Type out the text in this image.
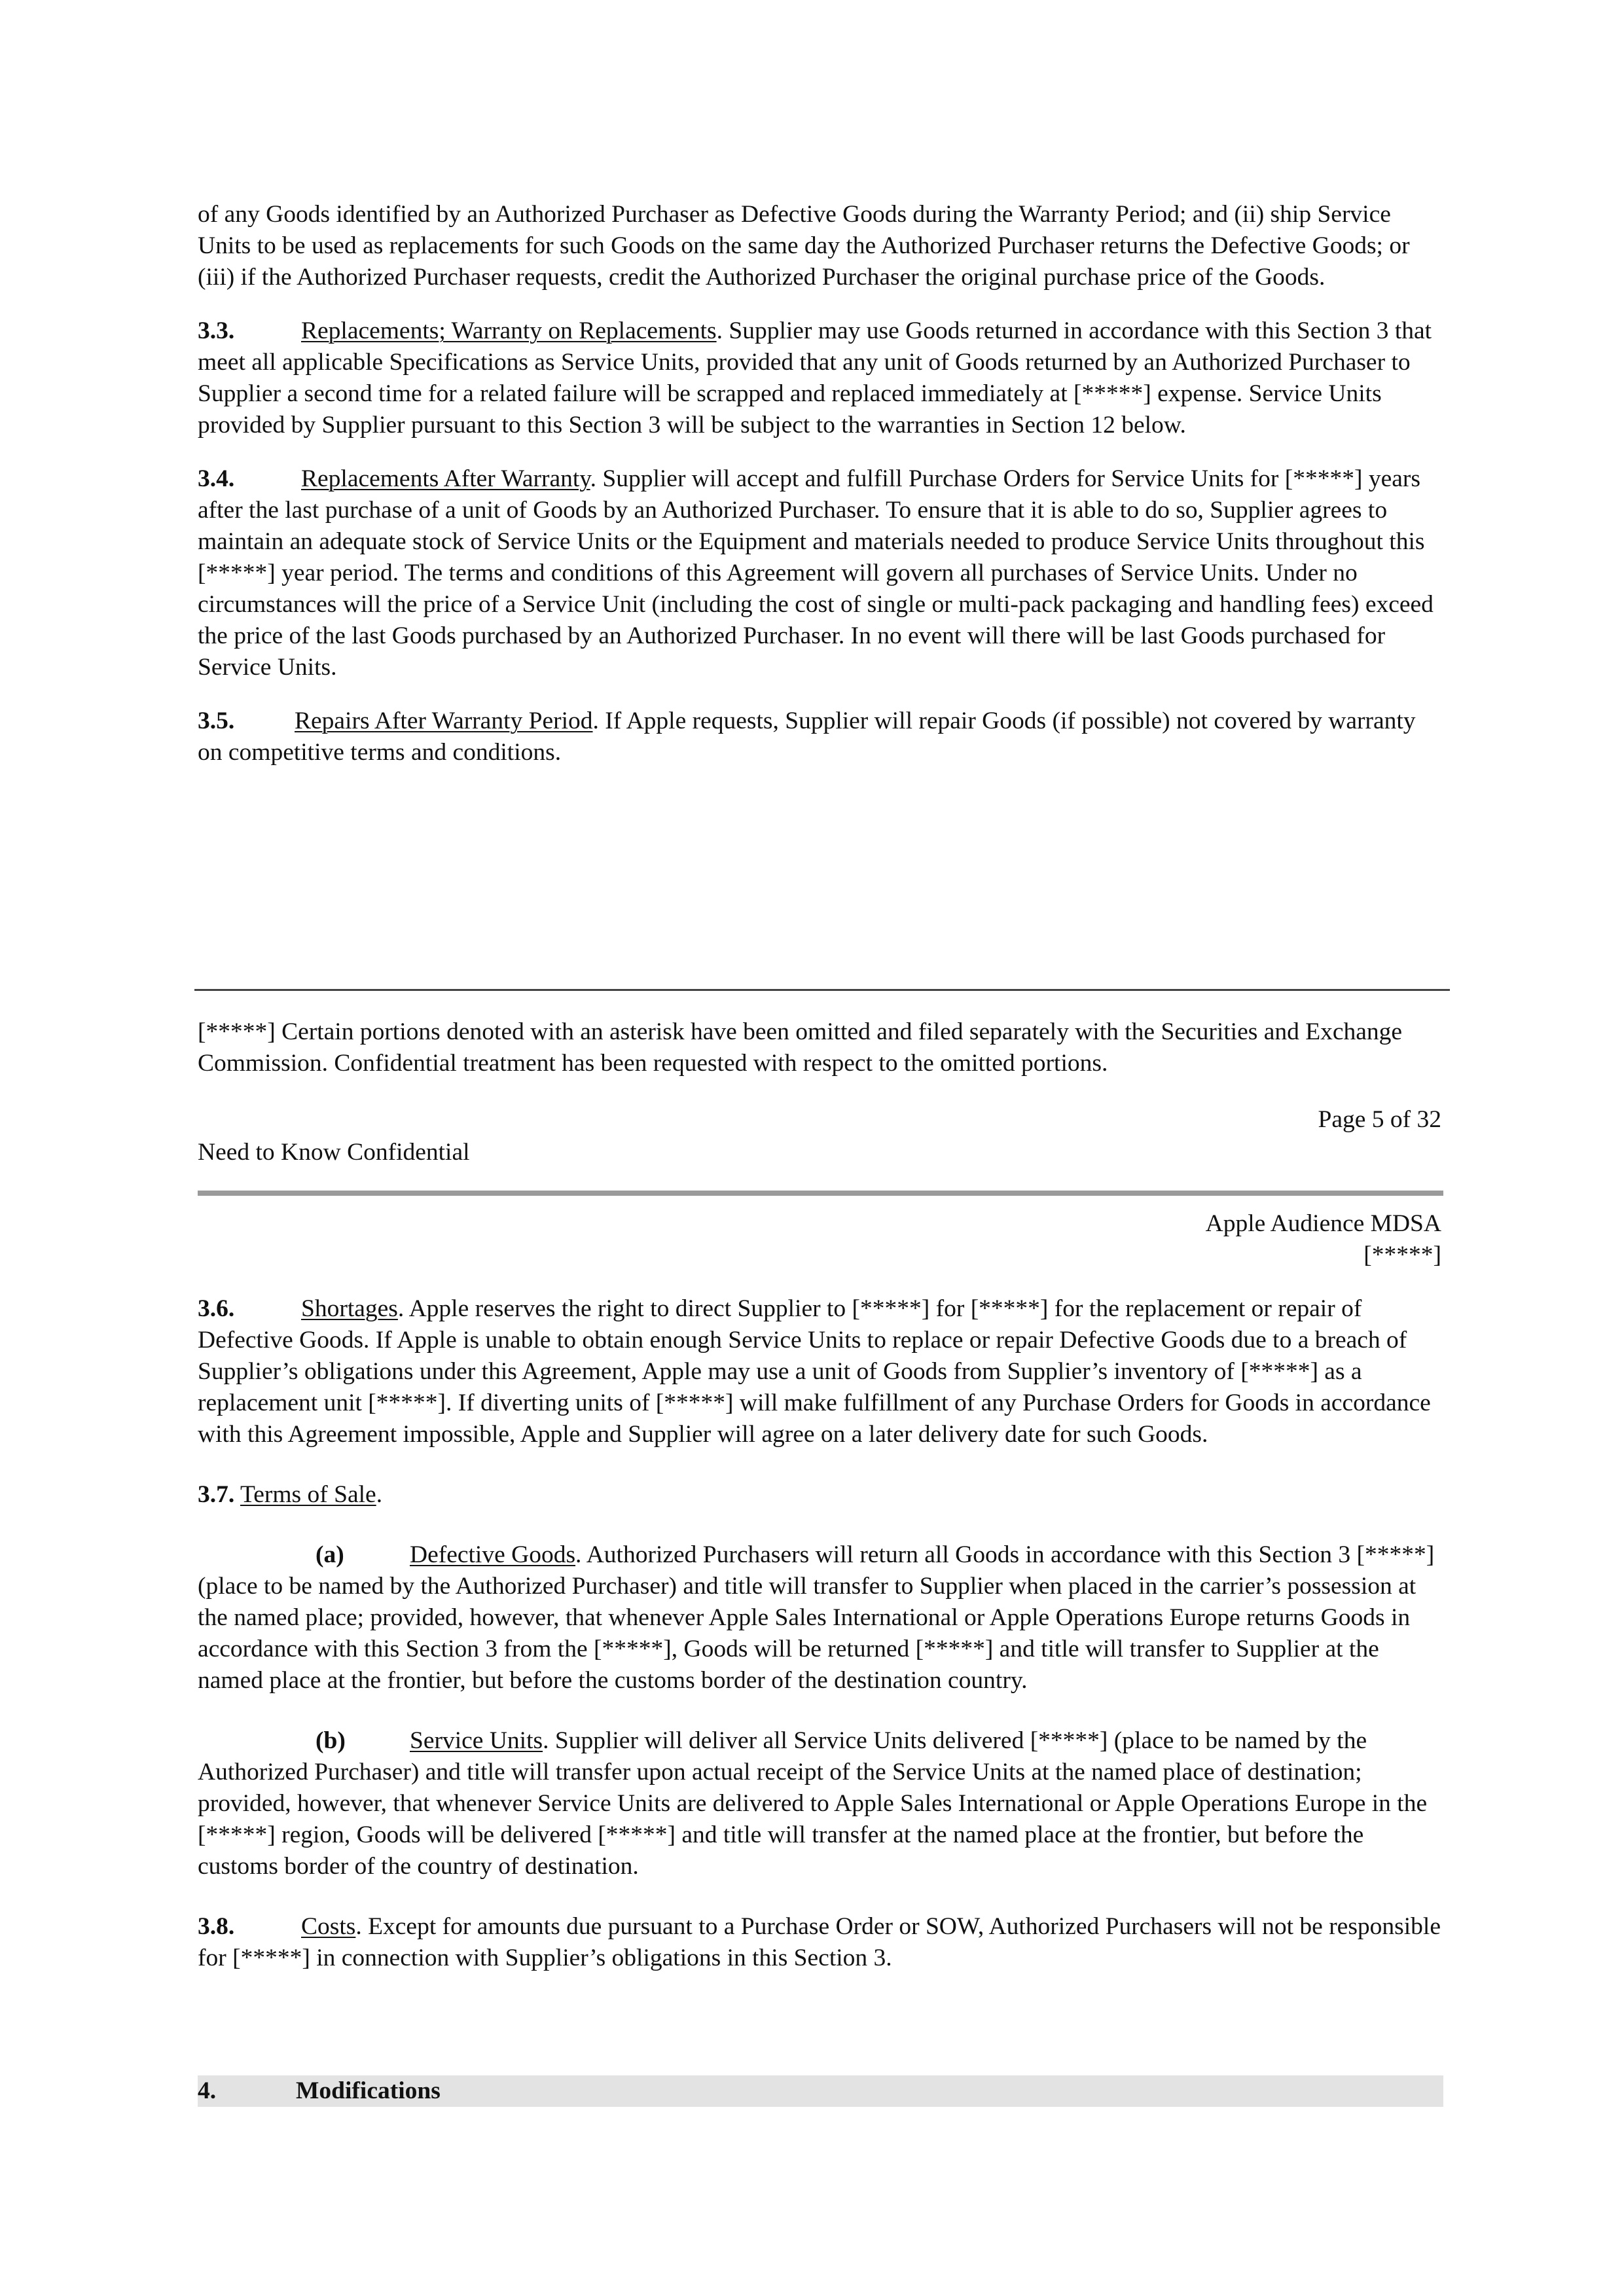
of any Goods identified by an Authorized Purchaser as Defective Goods during the Warranty Period; and (ii) ship Service Units to be used as replacements for such Goods on the same day the Authorized Purchaser returns the Defective Goods; or (iii) if the Authorized Purchaser requests, credit the Authorized Purchaser the original purchase price of the Goods.

3.3.	Replacements; Warranty on Replacements. Supplier may use Goods returned in accordance with this Section 3 that meet all applicable Specifications as Service Units, provided that any unit of Goods returned by an Authorized Purchaser to Supplier a second time for a related failure will be scrapped and replaced immediately at [*****] expense. Service Units provided by Supplier pursuant to this Section 3 will be subject to the warranties in Section 12 below.

3.4.	Replacements After Warranty. Supplier will accept and fulfill Purchase Orders for Service Units for [*****] years after the last purchase of a unit of Goods by an Authorized Purchaser. To ensure that it is able to do so, Supplier agrees to maintain an adequate stock of Service Units or the Equipment and materials needed to produce Service Units throughout this [*****] year period. The terms and conditions of this Agreement will govern all purchases of Service Units. Under no circumstances will the price of a Service Unit (including the cost of single or multi-pack packaging and handling fees) exceed the price of the last Goods purchased by an Authorized Purchaser. In no event will there will be last Goods purchased for Service Units.

3.5. Repairs After Warranty Period. If Apple requests, Supplier will repair Goods (if possible) not covered by warranty on competitive terms and conditions.

[*****] Certain portions denoted with an asterisk have been omitted and filed separately with the Securities and Exchange Commission. Confidential treatment has been requested with respect to the omitted portions.

Page 5 of 32

Need to Know Confidential

Apple Audience MDSA

[*****]

3.6.	Shortages. Apple reserves the right to direct Supplier to [*****] for [*****] for the replacement or repair of Defective Goods. If Apple is unable to obtain enough Service Units to replace or repair Defective Goods due to a breach of Supplier’s obligations under this Agreement, Apple may use a unit of Goods from Supplier’s inventory of [*****] as a replacement unit [*****]. If diverting units of [*****] will make fulfillment of any Purchase Orders for Goods in accordance with this Agreement impossible, Apple and Supplier will agree on a later delivery date for such Goods.

3.7. Terms of Sale.

(a)	Defective Goods. Authorized Purchasers will return all Goods in accordance with this Section 3 [*****] (place to be named by the Authorized Purchaser) and title will transfer to Supplier when placed in the carrier’s possession at the named place; provided, however, that whenever Apple Sales International or Apple Operations Europe returns Goods in accordance with this Section 3 from the [*****], Goods will be returned [*****] and title will transfer to Supplier at the named place at the frontier, but before the customs border of the destination country.

(b)	Service Units. Supplier will deliver all Service Units delivered [*****] (place to be named by the Authorized Purchaser) and title will transfer upon actual receipt of the Service Units at the named place of destination; provided, however, that whenever Service Units are delivered to Apple Sales International or Apple Operations Europe in the [*****] region, Goods will be delivered [*****] and title will transfer at the named place at the frontier, but before the customs border of the country of destination.

3.8.	Costs. Except for amounts due pursuant to a Purchase Order or SOW, Authorized Purchasers will not be responsible for [*****] in connection with Supplier’s obligations in this Section 3.

4.	Modifications
